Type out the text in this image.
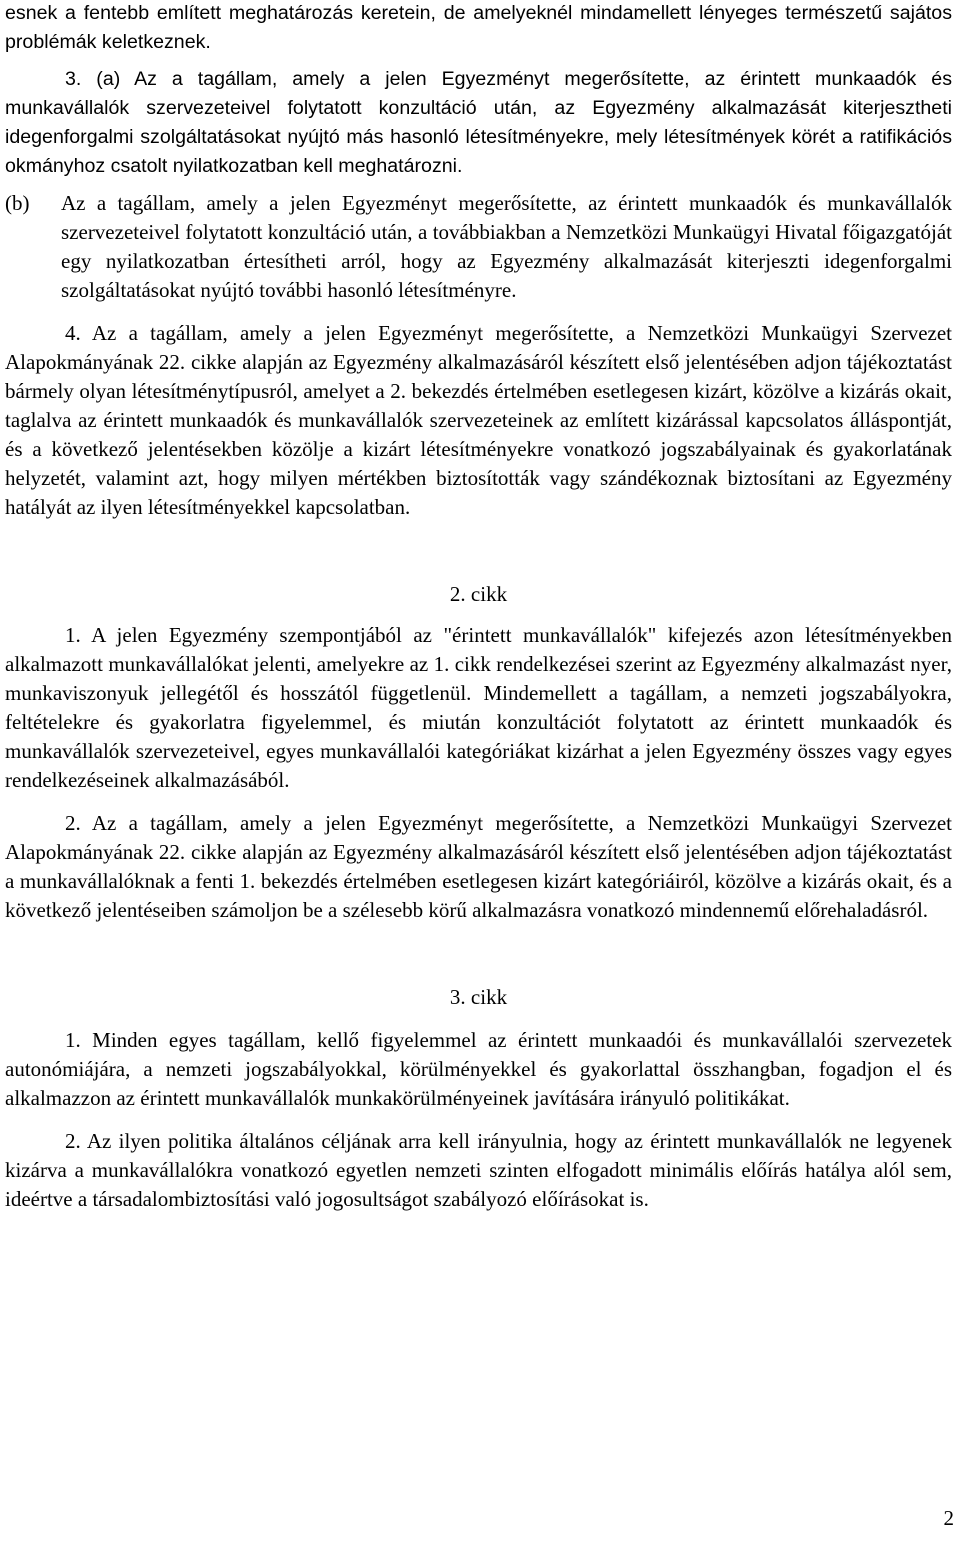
esnek a fentebb említett meghatározás keretein, de amelyeknél mindamellett lényeges természetű sajátos problémák keletkeznek.

3. (a) Az a tagállam, amely a jelen Egyezményt megerősítette, az érintett munkaadók és munkavállalók szervezeteivel folytatott konzultáció után, az Egyezmény alkalmazását kiterjesztheti idegenforgalmi szolgáltatásokat nyújtó más hasonló létesítményekre, mely létesítmények körét a ratifikációs okmányhoz csatolt nyilatkozatban kell meghatározni.

(b)	Az a tagállam, amely a jelen Egyezményt megerősítette, az érintett munkaadók és munkavállalók szervezeteivel folytatott konzultáció után, a továbbiakban a Nemzetközi Munkaügyi Hivatal főigazgatóját egy nyilatkozatban értesítheti arról, hogy az Egyezmény alkalmazását kiterjeszti idegenforgalmi szolgáltatásokat nyújtó további hasonló létesítményre.

4. Az a tagállam, amely a jelen Egyezményt megerősítette, a Nemzetközi Munkaügyi Szervezet Alapokmányának 22. cikke alapján az Egyezmény alkalmazásáról készített első jelentésében adjon tájékoztatást bármely olyan létesítménytípusról, amelyet a 2. bekezdés értelmében esetlegesen kizárt, közölve a kizárás okait, taglalva az érintett munkaadók és munkavállalók szervezeteinek az említett kizárással kapcsolatos álláspontját, és a következő jelentésekben közölje a kizárt létesítményekre vonatkozó jogszabályainak és gyakorlatának helyzetét, valamint azt, hogy milyen mértékben biztosították vagy szándékoznak biztosítani az Egyezmény hatályát az ilyen létesítményekkel kapcsolatban.

2. cikk

1. A jelen Egyezmény szempontjából az "érintett munkavállalók" kifejezés azon létesítményekben alkalmazott munkavállalókat jelenti, amelyekre az 1. cikk rendelkezései szerint az Egyezmény alkalmazást nyer, munkaviszonyuk jellegétől és hosszától függetlenül. Mindemellett a tagállam, a nemzeti jogszabályokra, feltételekre és gyakorlatra figyelemmel, és miután konzultációt folytatott az érintett munkaadók és munkavállalók szervezeteivel, egyes munkavállalói kategóriákat kizárhat a jelen Egyezmény összes vagy egyes rendelkezéseinek alkalmazásából.

2. Az a tagállam, amely a jelen Egyezményt megerősítette, a Nemzetközi Munkaügyi Szervezet Alapokmányának 22. cikke alapján az Egyezmény alkalmazásáról készített első jelentésében adjon tájékoztatást a munkavállalóknak a fenti 1. bekezdés értelmében esetlegesen kizárt kategóriáiról, közölve a kizárás okait, és a következő jelentéseiben számoljon be a szélesebb körű alkalmazásra vonatkozó mindennemű előrehaladásról.

3. cikk

1. Minden egyes tagállam, kellő figyelemmel az érintett munkaadói és munkavállalói szervezetek autonómiájára, a nemzeti jogszabályokkal, körülményekkel és gyakorlattal összhangban, fogadjon el és alkalmazzon az érintett munkavállalók munkakörülményeinek javítására irányuló politikákat.

2. Az ilyen politika általános céljának arra kell irányulnia, hogy az érintett munkavállalók ne legyenek kizárva a munkavállalókra vonatkozó egyetlen nemzeti szinten elfogadott minimális előírás hatálya alól sem, ideértve a társadalombiztosítási való jogosultságot szabályozó előírásokat is.

2
